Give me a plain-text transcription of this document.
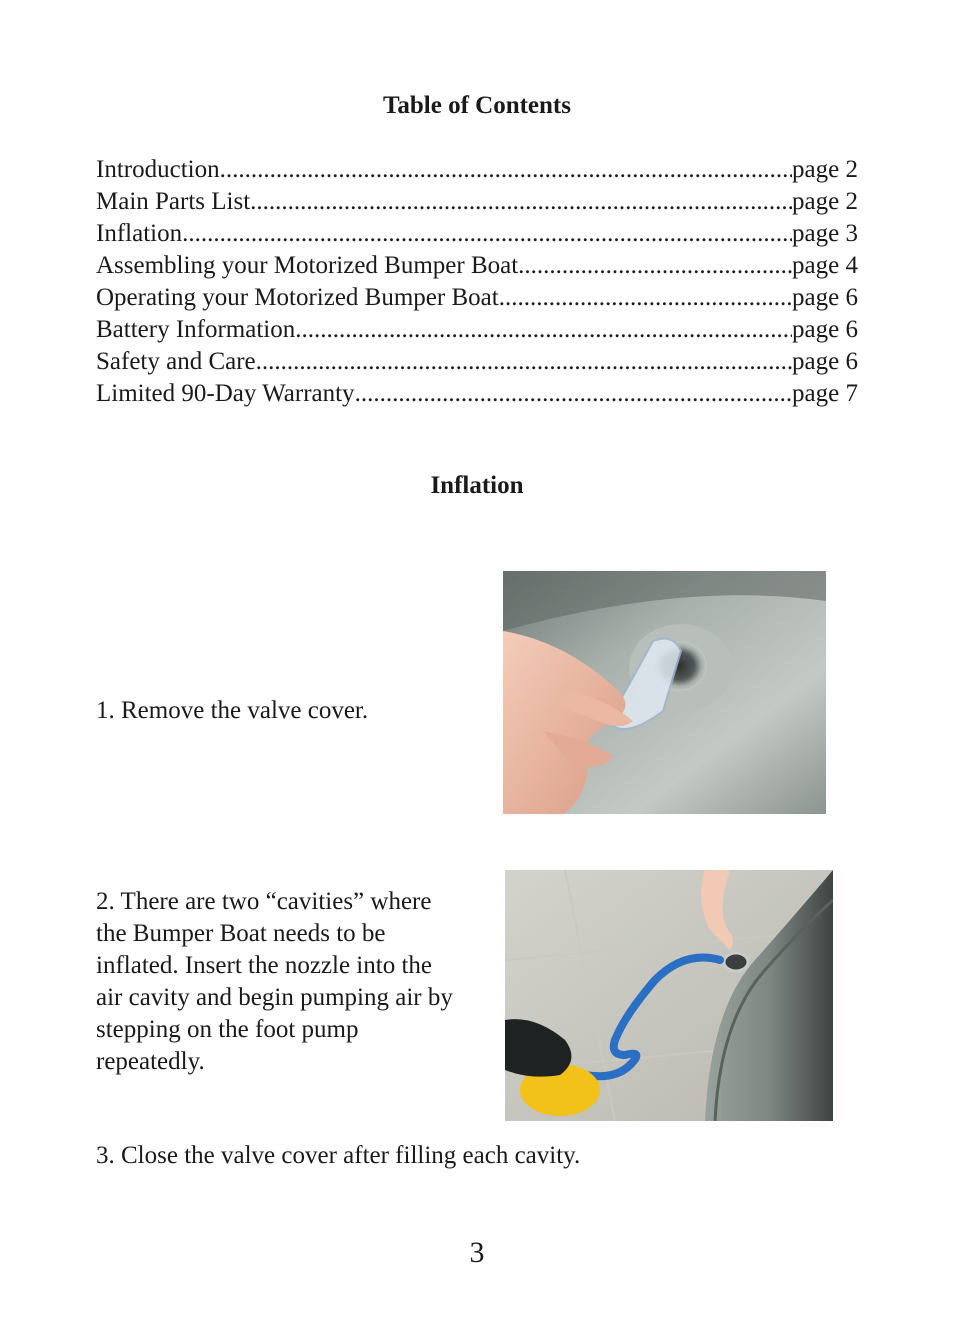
Table of Contents
Introduction .....	page 2
Main Parts List .....	page 2
Inflation .....	page 3
Assembling your Motorized Bumper Boat .....	page 4
Operating your Motorized Bumper Boat .....	page 6
Battery Information .....	page 6
Safety and Care .....	page 6
Limited 90-Day Warranty .....	page 7
Inflation

1. Remove the valve cover.

2. There are two “cavities” where the Bumper Boat needs to be inflated. Insert the nozzle into the air cavity and begin pumping air by stepping on the foot pump repeatedly.

3. Close the valve cover after filling each cavity.

3
